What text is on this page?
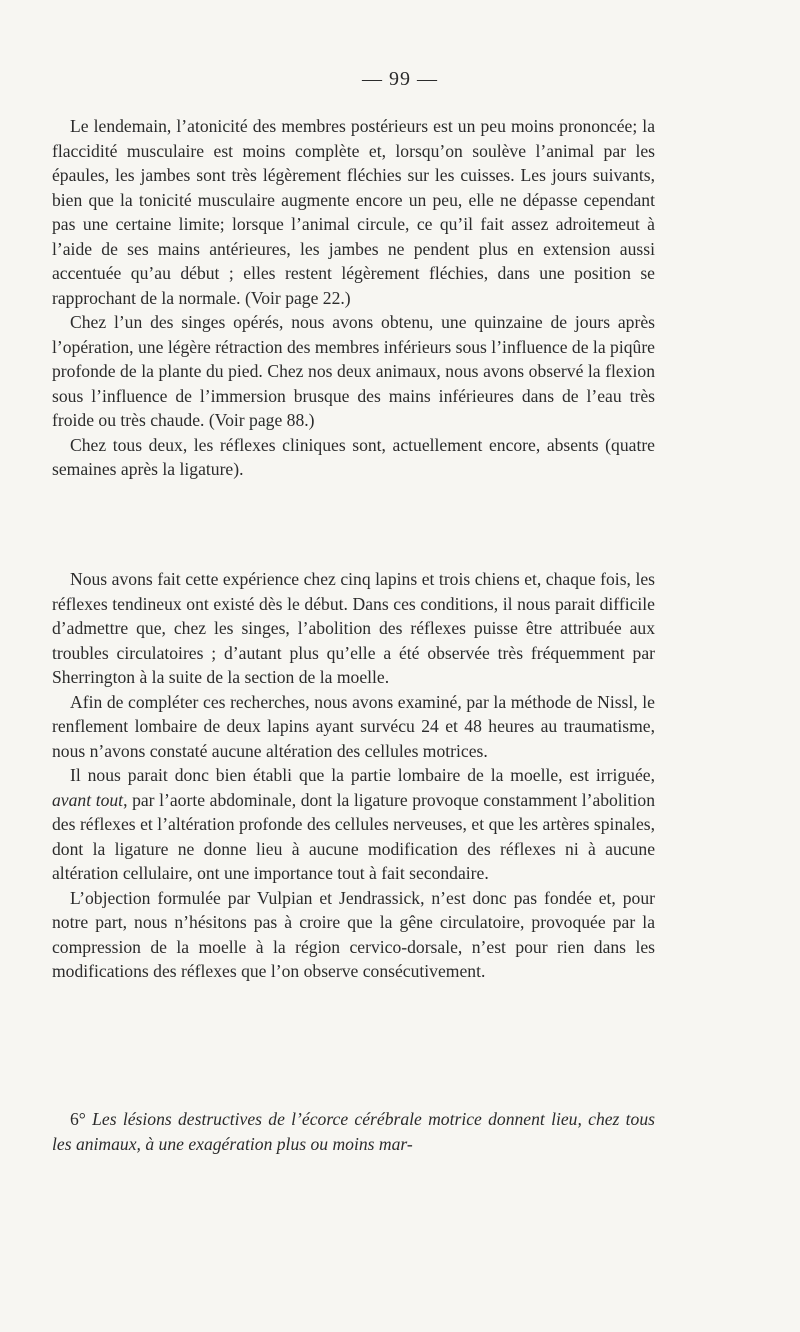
— 99 —

Le lendemain, l’atonicité des membres postérieurs est un peu moins prononcée; la flaccidité musculaire est moins complète et, lorsqu’on soulève l’animal par les épaules, les jambes sont très légèrement fléchies sur les cuisses. Les jours suivants, bien que la tonicité musculaire augmente encore un peu, elle ne dépasse cependant pas une certaine limite; lorsque l’animal circule, ce qu’il fait assez adroitemeut à l’aide de ses mains antérieures, les jambes ne pendent plus en extension aussi accentuée qu’au début ; elles restent légèrement fléchies, dans une position se rapprochant de la normale. (Voir page 22.)

Chez l’un des singes opérés, nous avons obtenu, une quinzaine de jours après l’opération, une légère rétraction des membres inférieurs sous l’influence de la piqûre profonde de la plante du pied. Chez nos deux animaux, nous avons observé la flexion sous l’influence de l’immersion brusque des mains inférieures dans de l’eau très froide ou très chaude. (Voir page 88.)

Chez tous deux, les réflexes cliniques sont, actuellement encore, absents (quatre semaines après la ligature).

Nous avons fait cette expérience chez cinq lapins et trois chiens et, chaque fois, les réflexes tendineux ont existé dès le début. Dans ces conditions, il nous parait difficile d’admettre que, chez les singes, l’abolition des réflexes puisse être attribuée aux troubles circulatoires ; d’autant plus qu’elle a été observée très fréquemment par Sherrington à la suite de la section de la moelle.

Afin de compléter ces recherches, nous avons examiné, par la méthode de Nissl, le renflement lombaire de deux lapins ayant survécu 24 et 48 heures au traumatisme, nous n’avons constaté aucune altération des cellules motrices.

Il nous parait donc bien établi que la partie lombaire de la moelle, est irriguée, avant tout, par l’aorte abdominale, dont la ligature provoque constamment l’abolition des réflexes et l’altération profonde des cellules nerveuses, et que les artères spinales, dont la ligature ne donne lieu à aucune modification des réflexes ni à aucune altération cellulaire, ont une importance tout à fait secondaire.

L’objection formulée par Vulpian et Jendrassick, n’est donc pas fondée et, pour notre part, nous n’hésitons pas à croire que la gêne circulatoire, provoquée par la compression de la moelle à la région cervico-dorsale, n’est pour rien dans les modifications des réflexes que l’on observe consécutivement.

6° Les lésions destructives de l’écorce cérébrale motrice donnent lieu, chez tous les animaux, à une exagération plus ou moins mar-
